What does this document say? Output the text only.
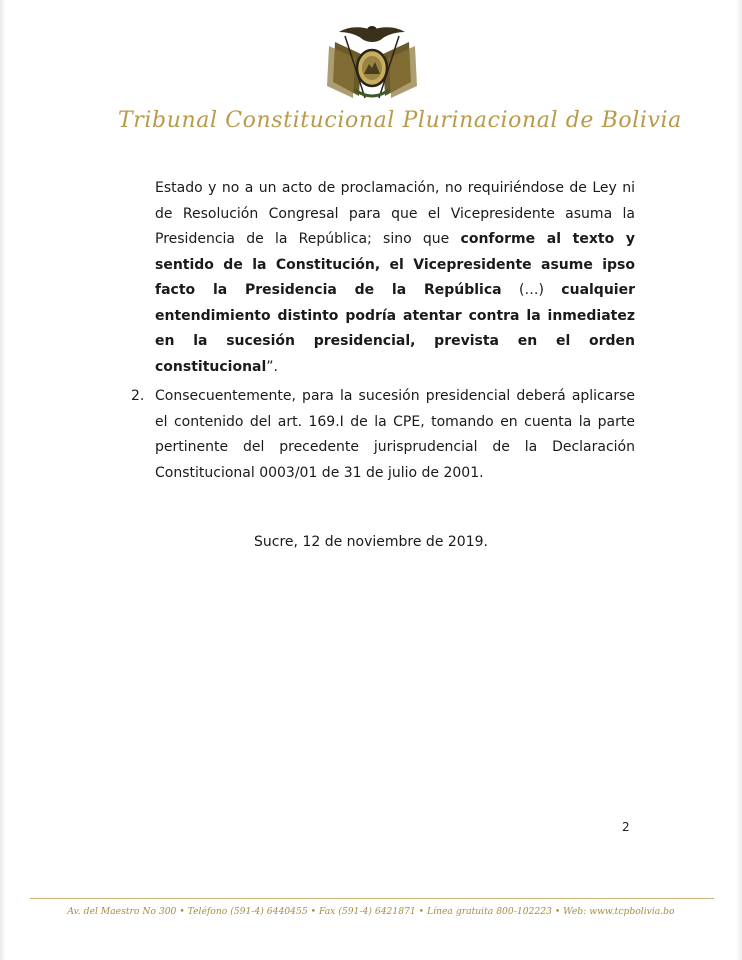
Tribunal Constitucional Plurinacional de Bolivia
Estado y no a un acto de proclamación, no requiriéndose de Ley ni de Resolución Congresal para que el Vicepresidente asuma la Presidencia de la República; sino que conforme al texto y sentido de la Constitución, el Vicepresidente asume ipso facto la Presidencia de la República (…) cualquier entendimiento distinto podría atentar contra la inmediatez en la sucesión presidencial, prevista en el orden constitucional”.
2. Consecuentemente, para la sucesión presidencial deberá aplicarse el contenido del art. 169.I de la CPE, tomando en cuenta la parte pertinente del precedente jurisprudencial de la Declaración Constitucional 0003/01 de 31 de julio de 2001.
Sucre, 12 de noviembre de 2019.
2
Av. del Maestro No 300 • Teléfono (591-4) 6440455 • Fax (591-4) 6421871 • Línea gratuita 800-102223 • Web: www.tcpbolivia.bo
